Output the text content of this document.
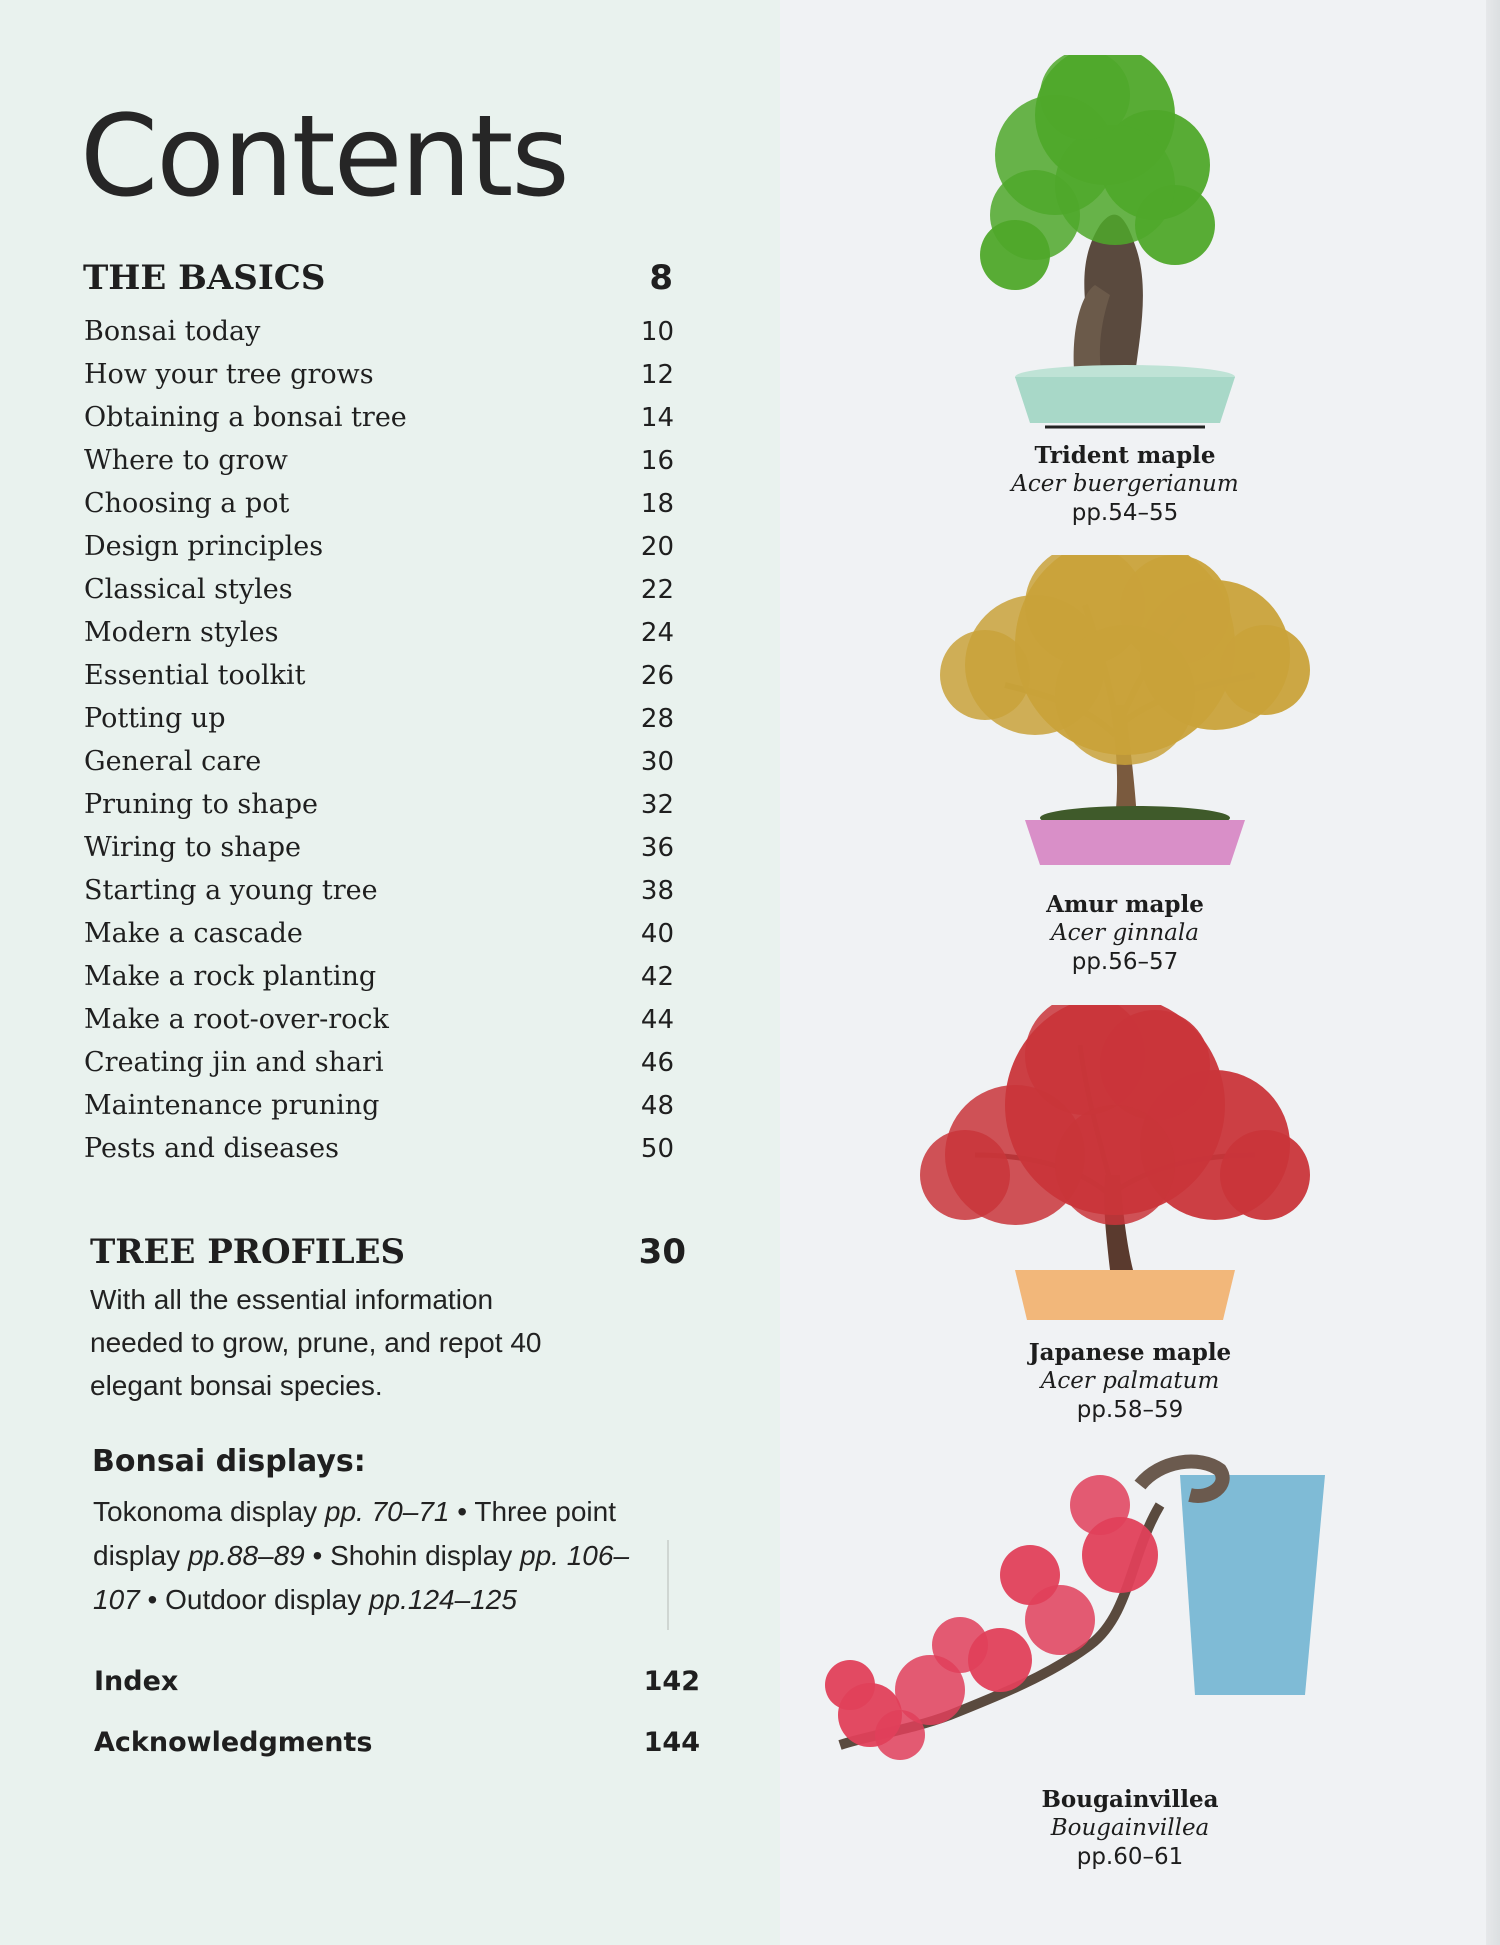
Contents
THE BASICS	8
Bonsai today	10
How your tree grows	12
Obtaining a bonsai tree	14
Where to grow	16
Choosing a pot	18
Design principles	20
Classical styles	22
Modern styles	24
Essential toolkit	26
Potting up	28
General care	30
Pruning to shape	32
Wiring to shape	36
Starting a young tree	38
Make a cascade	40
Make a rock planting	42
Make a root-over-rock	44
Creating jin and shari	46
Maintenance pruning	48
Pests and diseases	50
TREE PROFILES	30
With all the essential information needed to grow, prune, and repot 40 elegant bonsai species.
Bonsai displays:
Tokonoma display pp. 70–71 • Three point display pp.88–89 • Shohin display pp. 106–107 • Outdoor display pp.124–125
Index	142
Acknowledgments	144
Trident maple
Acer buergerianum
pp.54–55
Amur maple
Acer ginnala
pp.56–57
Japanese maple
Acer palmatum
pp.58–59
Bougainvillea
Bougainvillea
pp.60–61
